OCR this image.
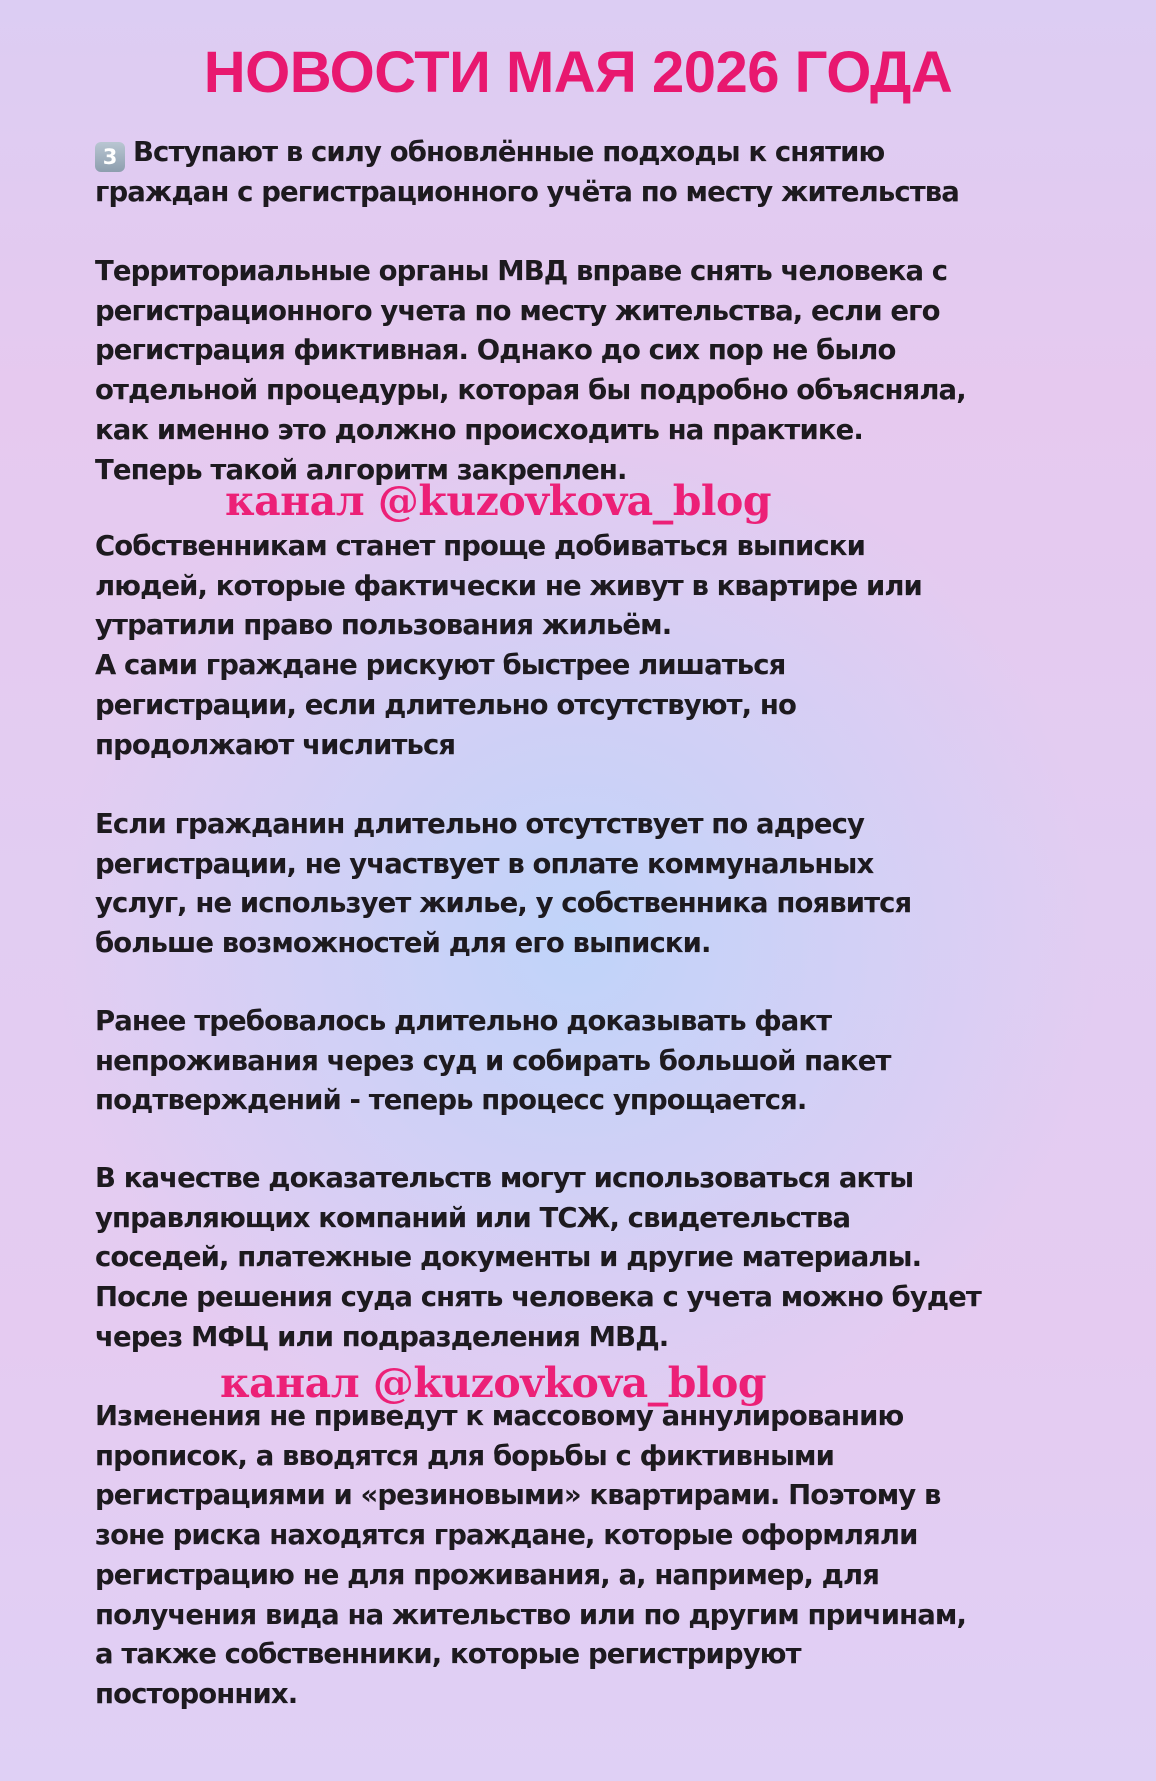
НОВОСТИ МАЯ 2026 ГОДА
3 Вступают в силу обновлённые подходы к снятию
граждан с регистрационного учёта по месту жительства
Территориальные органы МВД вправе снять человека с
регистрационного учета по месту жительства, если его
регистрация фиктивная. Однако до сих пор не было
отдельной процедуры, которая бы подробно объясняла,
как именно это должно происходить на практике.
Теперь такой алгоритм закреплен.
Собственникам станет проще добиваться выписки
людей, которые фактически не живут в квартире или
утратили право пользования жильём.
А сами граждане рискуют быстрее лишаться
регистрации, если длительно отсутствуют, но
продолжают числиться
Если гражданин длительно отсутствует по адресу
регистрации, не участвует в оплате коммунальных
услуг, не использует жилье, у собственника появится
больше возможностей для его выписки.
Ранее требовалось длительно доказывать факт
непроживания через суд и собирать большой пакет
подтверждений - теперь процесс упрощается.
В качестве доказательств могут использоваться акты
управляющих компаний или ТСЖ, свидетельства
соседей, платежные документы и другие материалы.
После решения суда снять человека с учета можно будет
через МФЦ или подразделения МВД.
Изменения не приведут к массовому аннулированию
прописок, а вводятся для борьбы с фиктивными
регистрациями и «резиновыми» квартирами. Поэтому в
зоне риска находятся граждане, которые оформляли
регистрацию не для проживания, а, например, для
получения вида на жительство или по другим причинам,
а также собственники, которые регистрируют
посторонних.
канал @kuzovkova_blog
канал @kuzovkova_blog
